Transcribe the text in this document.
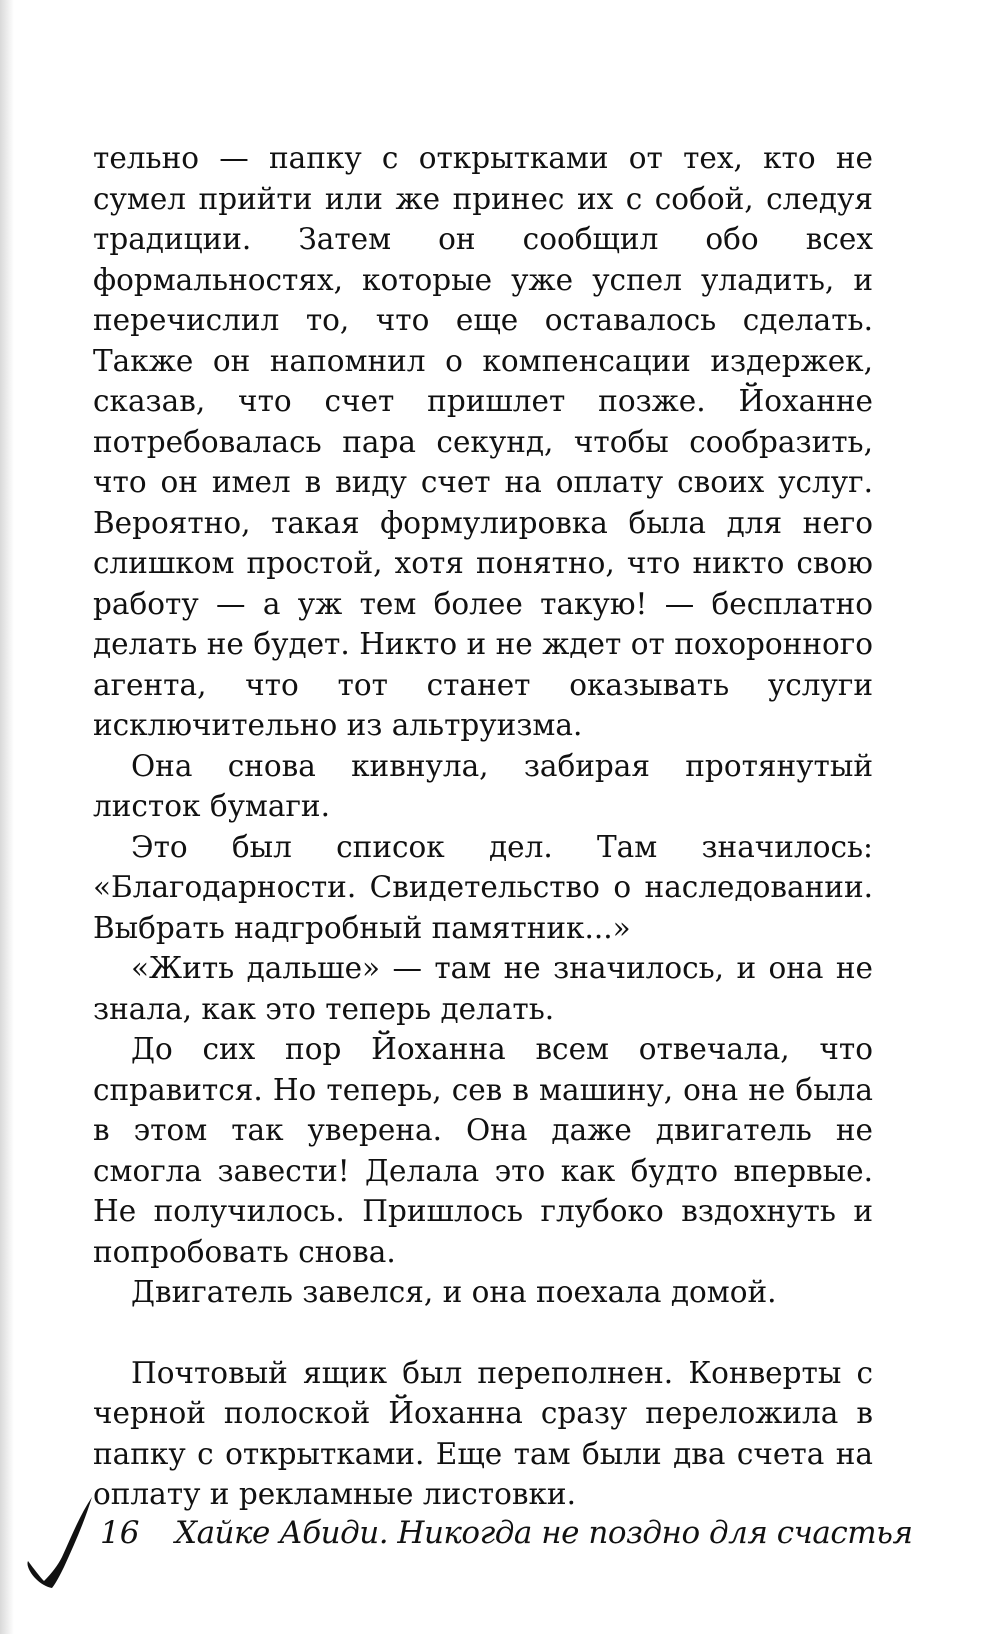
тельно — папку с открытками от тех, кто не сумел прийти или же принес их с собой, следуя традиции. Затем он сообщил обо всех формальностях, которые уже успел уладить, и перечислил то, что еще оставалось сделать. Также он напомнил о компенсации издержек, сказав, что счет пришлет позже. Йоханне потребовалась пара секунд, чтобы сообразить, что он имел в виду счет на оплату своих услуг. Вероятно, такая формулировка была для него слишком простой, хотя понятно, что никто свою работу — а уж тем более такую! — бесплатно делать не будет. Никто и не ждет от похоронного агента, что тот станет оказывать услуги исключительно из альтруизма.

Она снова кивнула, забирая протянутый листок бумаги.

Это был список дел. Там значилось: «Благодарности. Свидетельство о наследовании. Выбрать надгробный памятник...»

«Жить дальше» — там не значилось, и она не знала, как это теперь делать.

До сих пор Йоханна всем отвечала, что справится. Но теперь, сев в машину, она не была в этом так уверена. Она даже двигатель не смогла завести! Делала это как будто впервые. Не получилось. Пришлось глубоко вздохнуть и попробовать снова.

Двигатель завелся, и она поехала домой.

Почтовый ящик был переполнен. Конверты с черной полоской Йоханна сразу переложила в папку с открытками. Еще там были два счета на оплату и рекламные листовки.

16 Хайке Абиди. Никогда не поздно для счастья
